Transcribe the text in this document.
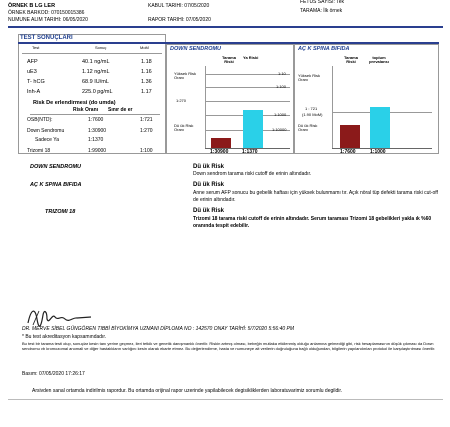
ÖRNEK B LG LER
ÖRNEK BARKOD: 070150015386
NUMUNE ALIM TARIHI: 06/05/2020
KABUL TARIHI: 07/05/2020
RAPOR TARIHI: 07/05/2020
FETUS SAYISI: Tek
TARAMA: İlk örnek
TEST SONUÇLARI
Test	Sonuç	MoM
AFP	40.1 ng/mL	1.18
uE3	1.12 ng/mL	1.16
T- hCG	68.9 IU/mL	1.36
Inh-A	225.0 pg/mL	1.17
Risk De erlendirmesi (do umda)
Risk Oranı Sınır de er
OSB(NTD):	1:7600	1:721
Down Sendromu	1:30900	1:270
Sadece Ya	1:1370
Trizomi 18	1:99000	1:100
DOWN SENDROMU
Tarama Riski
Ya Riski
Yüksek Risk Oranı
Dü ük Risk Oranı
1:10
1:100
1:270
1:1000
1:10000
1:30900	1:1370
AÇ K SPINA BIFIDA
Tarama Riski
toplum prevalansı
Yüksek Risk Oranı
Dü ük Risk Oranı
1 : 721
(1.90 MoM)
1:7600	1:1000
DOWN SENDROMU	Dü ük Risk
Down sendrom tarama riski cutoff de erinin altındadır.
AÇ K SPINA BIFIDA	Dü ük Risk
Anne serum AFP sonucu bu gebelik haftası için yüksek bulunmamı tır. Açık nöral tüp defekti tarama riski cut-off de erinin altındadır.
TRIZOMI 18	Dü ük Risk
Trizomi 18 tarama riski cutoff de erinin altındadır. Serum taraması Trizomi 18 gebelikleri yakla ık %60 oranında tespit edebilir.
DR. MERVE SİBEL GÜNGÖREN TIBBİ BİYOKİMYA UZMANI DİPLOMA NO : 142570 ONAY TARİHİ: 5/7/2020 5:56:40 PM
* Bu test akreditasyon kapsamındadır.
Bu test bir tarama testi olup, sonuçlar kesin tanı yerine geçmez, ileri tetkik ve genetik danışmanlık önerilir. Riskin artmış olması, bebeğin mutlaka etkilenmiş olduğu anlamına gelmediği gibi, risk hesaplamasının düşük çıkması da Down sendromu vb kromozomal anomali ve diğer hastalıkların varlığını kesin olarak ekarte etmez. Bu değerlendirme, hasta ve numuneye ait verilerin doğruluğuna bağlı olduğundan, bilgilerin yapılandırılan protokol ile karşılaştırılması önerilir.
Basım: 07/05/2020 17:26:17
Arsivden sanal ortamda indirilmis rapordur. Bu ortamda orijinal rapor uzerinde yapilabilecek degisikliklerden laboratuvarimiz sorumlu degildir.
